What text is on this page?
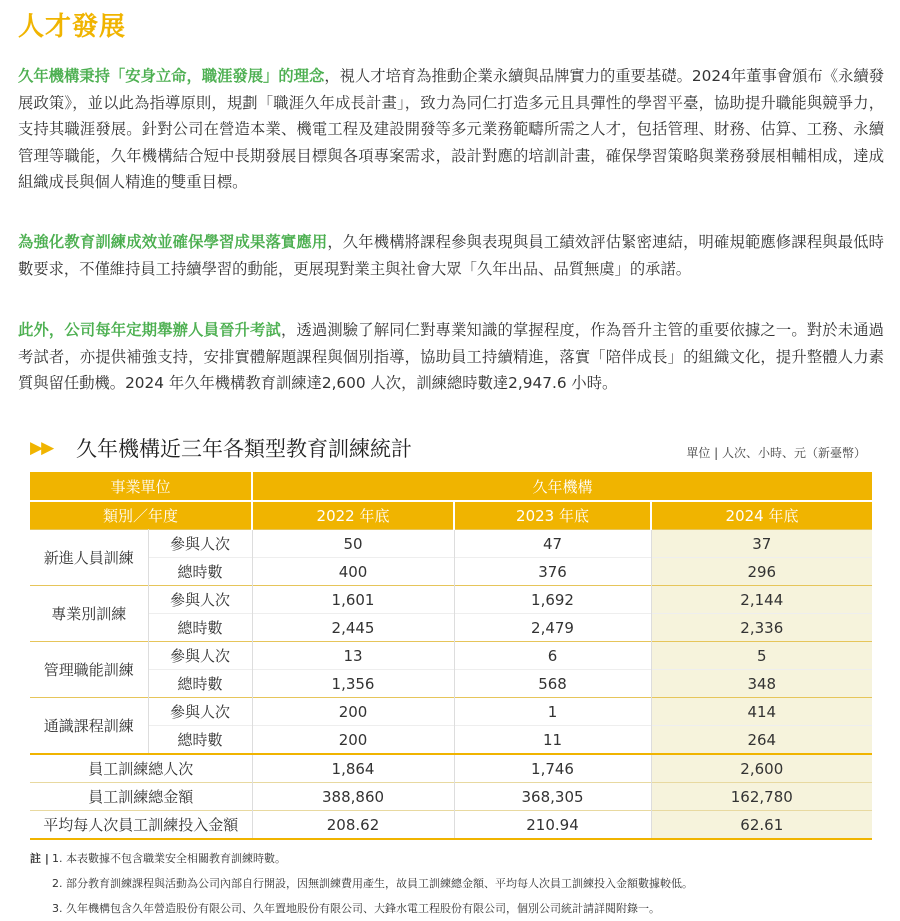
人才發展
久年機構秉持「安身立命，職涯發展」的理念，視人才培育為推動企業永續與品牌實力的重要基礎。2024年董事會頒布《永續發展政策》，並以此為指導原則，規劃「職涯久年成長計畫」，致力為同仁打造多元且具彈性的學習平臺，協助提升職能與競爭力，支持其職涯發展。針對公司在營造本業、機電工程及建設開發等多元業務範疇所需之人才，包括管理、財務、估算、工務、永續管理等職能，久年機構結合短中長期發展目標與各項專案需求，設計對應的培訓計畫，確保學習策略與業務發展相輔相成，達成組織成長與個人精進的雙重目標。
為強化教育訓練成效並確保學習成果落實應用，久年機構將課程參與表現與員工績效評估緊密連結，明確規範應修課程與最低時數要求，不僅維持員工持續學習的動能，更展現對業主與社會大眾「久年出品、品質無虞」的承諾。
此外，公司每年定期舉辦人員晉升考試，透過測驗了解同仁對專業知識的掌握程度，作為晉升主管的重要依據之一。對於未通過考試者，亦提供補強支持，安排實體解題課程與個別指導，協助員工持續精進，落實「陪伴成長」的組織文化，提升整體人力素質與留任動機。2024 年久年機構教育訓練達2,600 人次，訓練總時數達2,947.6 小時。
▶▶ 久年機構近三年各類型教育訓練統計	單位 | 人次、小時、元（新臺幣）
事業單位		久年機構		
類別／年度		2022 年底	2023 年底	2024 年底
新進人員訓練	參與人次	50	47	37
	總時數	400	376	296
專業別訓練	參與人次	1,601	1,692	2,144
	總時數	2,445	2,479	2,336
管理職能訓練	參與人次	13	6	5
	總時數	1,356	568	348
通識課程訓練	參與人次	200	1	414
	總時數	200	11	264
員工訓練總人次		1,864	1,746	2,600
員工訓練總金額		388,860	368,305	162,780
平均每人次員工訓練投入金額		208.62	210.94	62.61
註 | 1. 本表數據不包含職業安全相關教育訓練時數。
2. 部分教育訓練課程與活動為公司內部自行開設，因無訓練費用產生，故員工訓練總金額、平均每人次員工訓練投入金額數據較低。
3. 久年機構包含久年營造股份有限公司、久年置地股份有限公司、大鋒水電工程股份有限公司，個別公司統計請詳閱附錄一。
